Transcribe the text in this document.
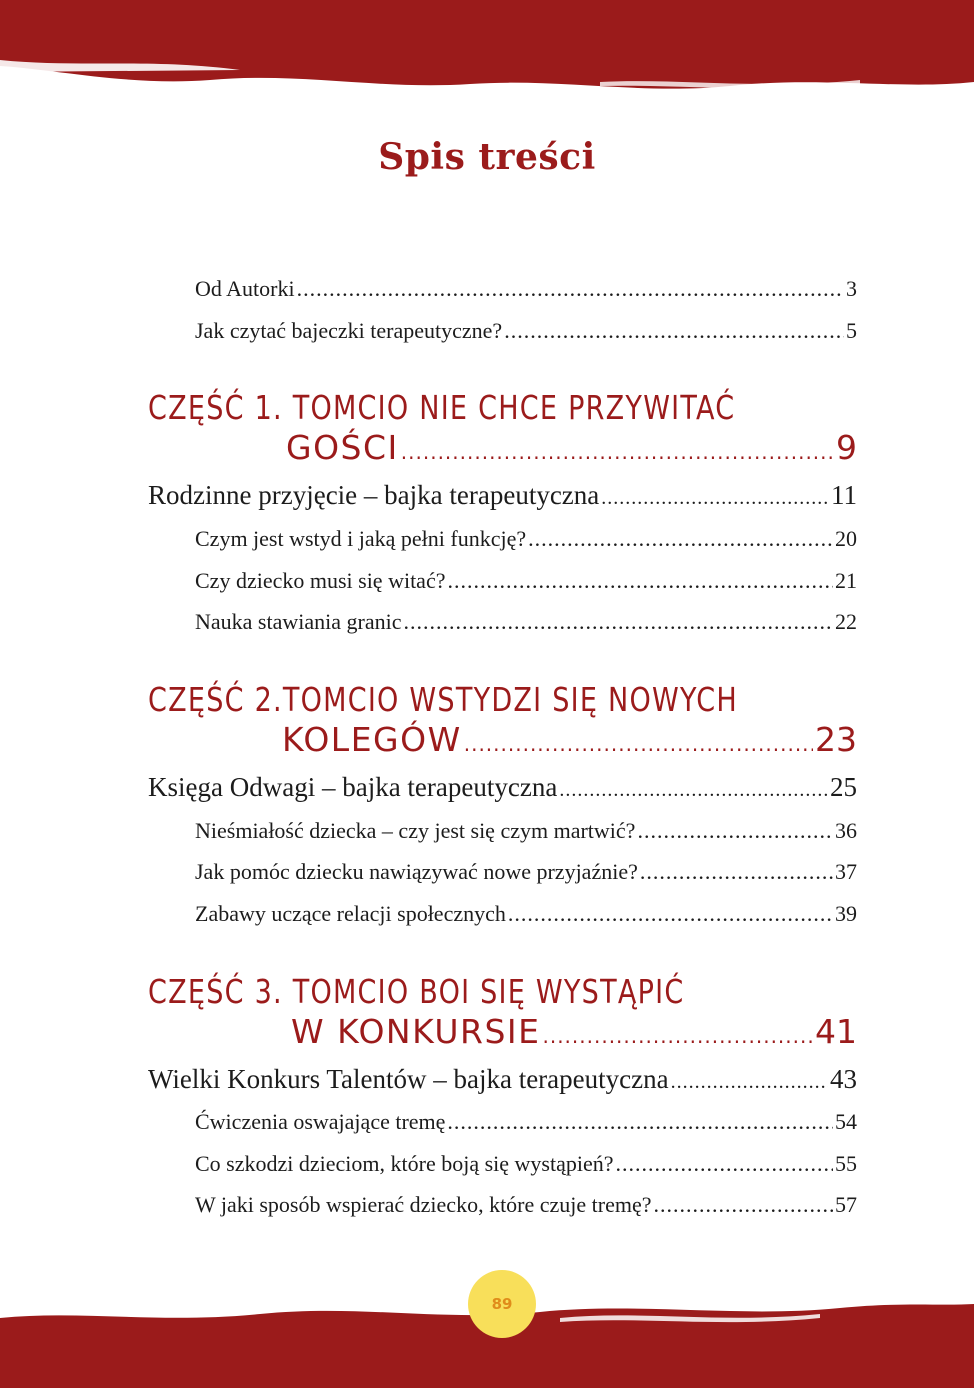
Spis treści
Od Autorki .....	3
Jak czytać bajeczki terapeutyczne? .....	5
CZĘŚĆ 1. TOMCIO NIE CHCE PRZYWITAĆ
GOŚCI .....	9
Rodzinne przyjęcie – bajka terapeutyczna .....	11
Czym jest wstyd i jaką pełni funkcję? .....	20
Czy dziecko musi się witać? .....	21
Nauka stawiania granic .....	22
CZĘŚĆ 2.TOMCIO WSTYDZI SIĘ NOWYCH
KOLEGÓW .....	23
Księga Odwagi – bajka terapeutyczna .....	25
Nieśmiałość dziecka – czy jest się czym martwić? .....	36
Jak pomóc dziecku nawiązywać nowe przyjaźnie? .....	37
Zabawy uczące relacji społecznych .....	39
CZĘŚĆ 3. TOMCIO BOI SIĘ WYSTĄPIĆ
W KONKURSIE .....	41
Wielki Konkurs Talentów – bajka terapeutyczna .....	43
Ćwiczenia oswajające tremę .....	54
Co szkodzi dzieciom, które boją się wystąpień? .....	55
W jaki sposób wspierać dziecko, które czuje tremę? .....	57
89
